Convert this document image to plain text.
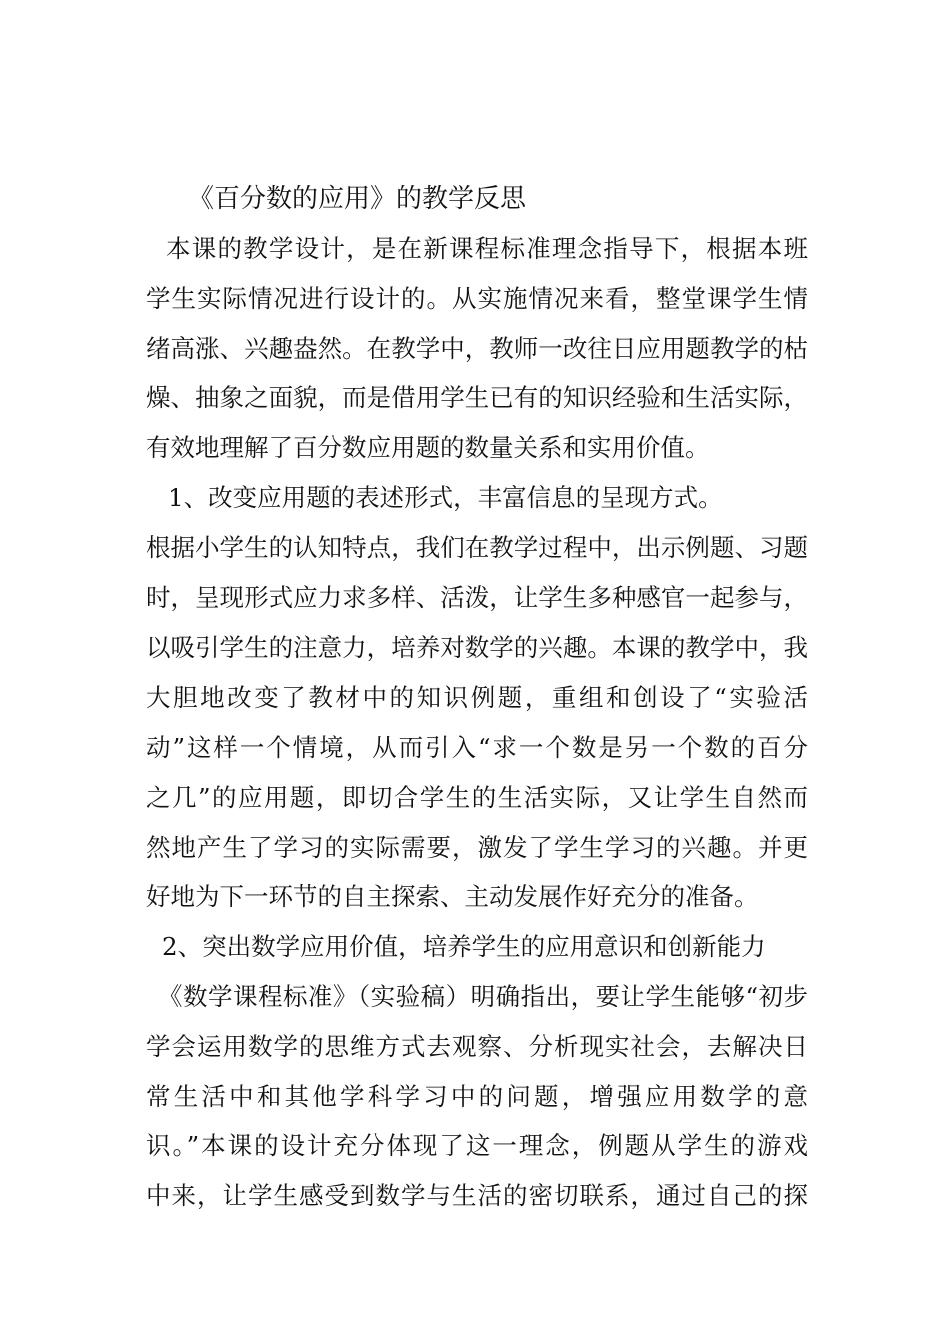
《百分数的应用》的教学反思
本课的教学设计，是在新课程标准理念指导下，根据本班
学生实际情况进行设计的。从实施情况来看，整堂课学生情
绪高涨、兴趣盎然。在教学中，教师一改往日应用题教学的枯
燥、抽象之面貌，而是借用学生已有的知识经验和生活实际，
有效地理解了百分数应用题的数量关系和实用价值。
1、改变应用题的表述形式，丰富信息的呈现方式。
根据小学生的认知特点，我们在教学过程中，出示例题、习题
时，呈现形式应力求多样、活泼，让学生多种感官一起参与，
以吸引学生的注意力，培养对数学的兴趣。本课的教学中，我
大胆地改变了教材中的知识例题，重组和创设了“实验活
动”这样一个情境，从而引入“求一个数是另一个数的百分
之几”的应用题，即切合学生的生活实际，又让学生自然而
然地产生了学习的实际需要，激发了学生学习的兴趣。并更
好地为下一环节的自主探索、主动发展作好充分的准备。
2、突出数学应用价值，培养学生的应用意识和创新能力
《数学课程标准》（实验稿）明确指出，要让学生能够“初步
学会运用数学的思维方式去观察、分析现实社会，去解决日
常生活中和其他学科学习中的问题，增强应用数学的意
识。”本课的设计充分体现了这一理念，例题从学生的游戏
中来，让学生感受到数学与生活的密切联系，通过自己的探
